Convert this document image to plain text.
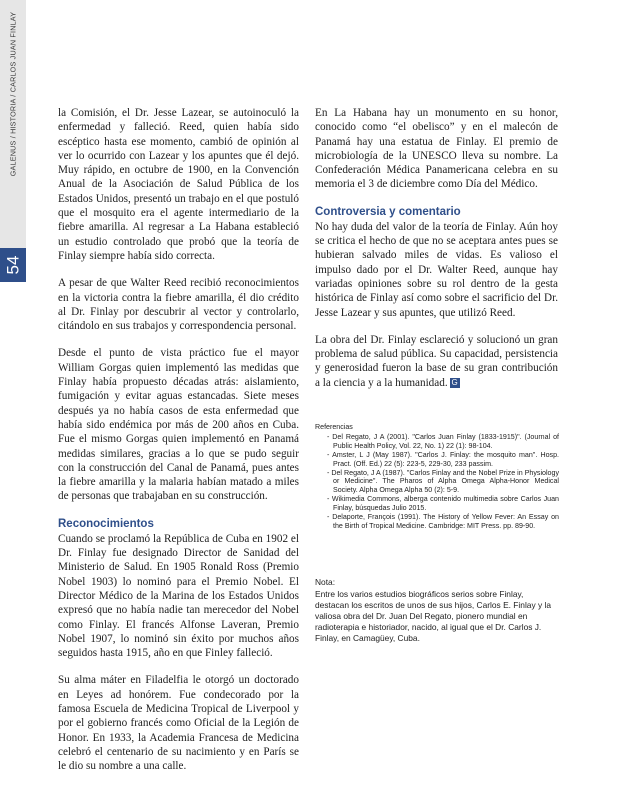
GALENUS / HISTORIA / CARLOS JUAN FINLAY
54

la Comisión, el Dr. Jesse Lazear, se autoinoculó la enfermedad y falleció. Reed, quien había sido escéptico hasta ese momento, cambió de opinión al ver lo ocurrido con Lazear y los apuntes que él dejó. Muy rápido, en octubre de 1900, en la Convención Anual de la Asociación de Salud Pública de los Estados Unidos, presentó un trabajo en el que postuló que el mosquito era el agente intermediario de la fiebre amarilla. Al regresar a La Habana estableció un estudio controlado que probó que la teoría de Finlay siempre había sido correcta.

A pesar de que Walter Reed recibió reconocimientos en la victoria contra la fiebre amarilla, él dio crédito al Dr. Finlay por descubrir al vector y controlarlo, citándolo en sus trabajos y correspondencia personal.

Desde el punto de vista práctico fue el mayor William Gorgas quien implementó las medidas que Finlay había propuesto décadas atrás: aislamiento, fumigación y evitar aguas estancadas. Siete meses después ya no había casos de esta enfermedad que había sido endémica por más de 200 años en Cuba. Fue el mismo Gorgas quien implementó en Panamá medidas similares, gracias a lo que se pudo seguir con la construcción del Canal de Panamá, pues antes la fiebre amarilla y la malaria habían matado a miles de personas que trabajaban en su construcción.

Reconocimientos

Cuando se proclamó la República de Cuba en 1902 el Dr. Finlay fue designado Director de Sanidad del Ministerio de Salud. En 1905 Ronald Ross (Premio Nobel 1903) lo nominó para el Premio Nobel. El Director Médico de la Marina de los Estados Unidos expresó que no había nadie tan merecedor del Nobel como Finlay. El francés Alfonse Laveran, Premio Nobel 1907, lo nominó sin éxito por muchos años seguidos hasta 1915, año en que Finley falleció.

Su alma máter en Filadelfia le otorgó un doctorado en Leyes ad honórem. Fue condecorado por la famosa Escuela de Medicina Tropical de Liverpool y por el gobierno francés como Oficial de la Legión de Honor. En 1933, la Academia Francesa de Medicina celebró el centenario de su nacimiento y en París se le dio su nombre a una calle.

En La Habana hay un monumento en su honor, conocido como “el obelisco” y en el malecón de Panamá hay una estatua de Finlay. El premio de microbiología de la UNESCO lleva su nombre. La Confederación Médica Panamericana celebra en su memoria el 3 de diciembre como Día del Médico.

Controversia y comentario

No hay duda del valor de la teoría de Finlay. Aún hoy se critica el hecho de que no se aceptara antes pues se hubieran salvado miles de vidas. Es valioso el impulso dado por el Dr. Walter Reed, aunque hay variadas opiniones sobre su rol dentro de la gesta histórica de Finlay así como sobre el sacrificio del Dr. Jesse Lazear y sus apuntes, que utilizó Reed.

La obra del Dr. Finlay esclareció y solucionó un gran problema de salud pública. Su capacidad, persistencia y generosidad fueron la base de su gran contribución a la ciencia y a la humanidad. G

Referencias
- Del Regato, J A (2001). "Carlos Juan Finlay (1833-1915)". (Journal of Public Health Policy, Vol. 22, No. 1) 22 (1): 98-104.
- Amster, L J (May 1987). "Carlos J. Finlay: the mosquito man". Hosp. Pract. (Off. Ed.) 22 (5): 223-5, 229-30, 233 passim.
- Del Regato, J A (1987). "Carlos Finlay and the Nobel Prize in Physiology or Medicine". The Pharos of Alpha Omega Alpha-Honor Medical Society. Alpha Omega Alpha 50 (2): 5-9.
- Wikimedia Commons, alberga contenido multimedia sobre Carlos Juan Finlay, búsquedas Julio 2015.
- Delaporte, François (1991). The History of Yellow Fever: An Essay on the Birth of Tropical Medicine. Cambridge: MIT Press. pp. 89-90.
Nota:
Entre los varios estudios biográficos serios sobre Finlay, destacan los escritos de unos de sus hijos, Carlos E. Finlay y la valiosa obra del Dr. Juan Del Regato, pionero mundial en radioterapia e historiador, nacido, al igual que el Dr. Carlos J. Finlay, en Camagüey, Cuba.
